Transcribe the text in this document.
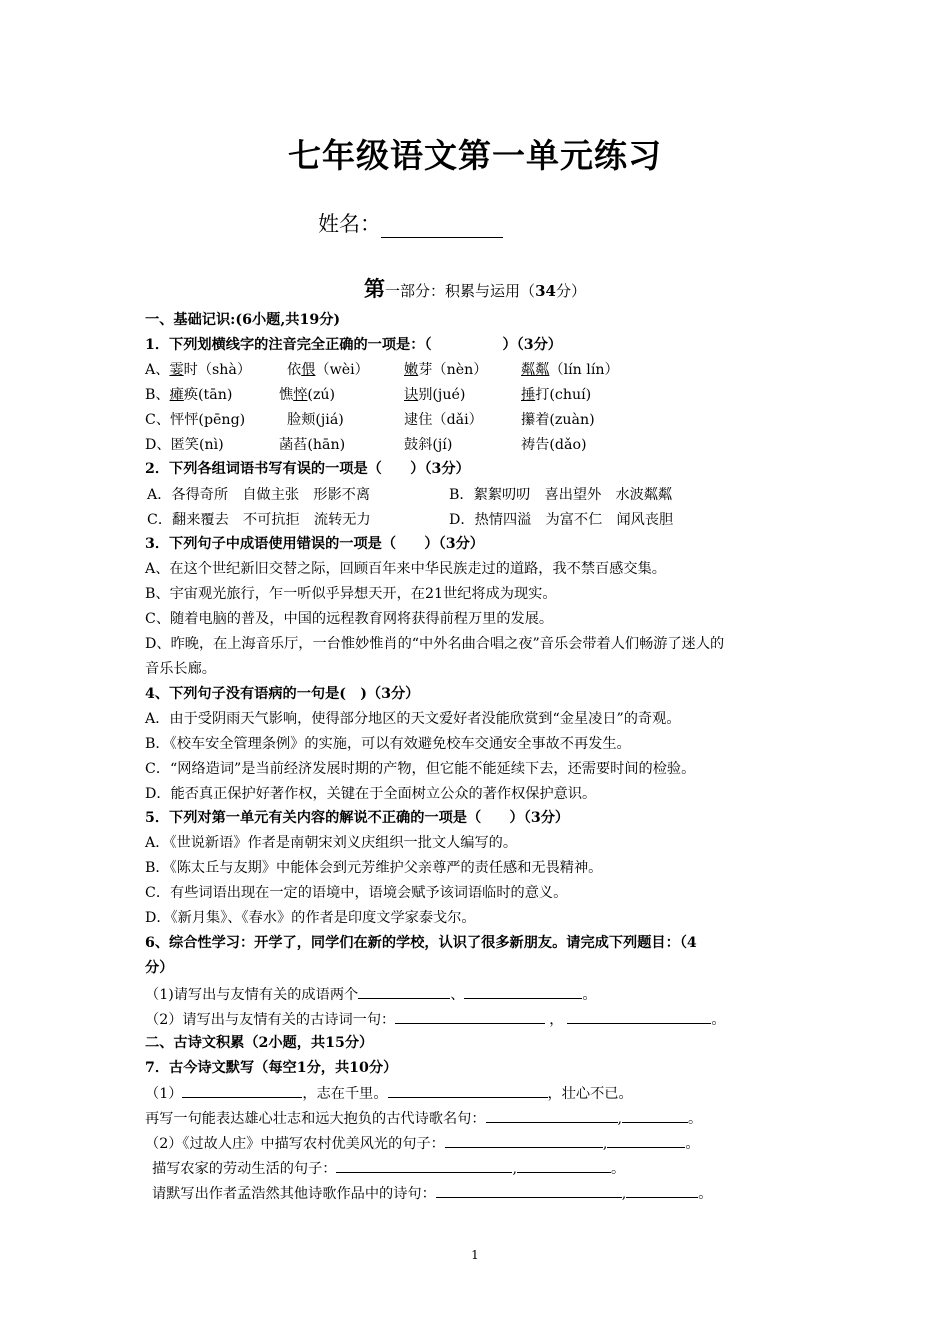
七年级语文第一单元练习
姓名：
第一部分：积累与运用（34分）
一、基础记识:(6小题,共19分)
1．下列划横线字的注音完全正确的一项是：（　　　　　）（3分）
A、霎时（shà）	依偎（wèi） 嫩芽（nèn） 粼粼（lín lín）
B、瘫痪(tān)	憔悴(zú)	诀别(jué)	捶打(chuí)
C、怦怦(pēng)	脸颊(jiá)	逮住（dǎi）	攥着(zuàn)
D、匿笑(nì)	菡萏(hān)	鼓斜(jí)	祷告(dǎo)
2．下列各组词语书写有误的一项是（　　）（3分）
A．各得奇所　自做主张　形影不离	B．絮絮叨叨　喜出望外　水波粼粼
C．翻来覆去　不可抗拒　流转无力	D．热情四溢　为富不仁　闻风丧胆
3．下列句子中成语使用错误的一项是（　　）（3分）
A、在这个世纪新旧交替之际，回顾百年来中华民族走过的道路，我不禁百感交集。
B、宇宙观光旅行，乍一听似乎异想天开，在21世纪将成为现实。
C、随着电脑的普及，中国的远程教育网将获得前程万里的发展。
D、昨晚，在上海音乐厅，一台惟妙惟肖的“中外名曲合唱之夜”音乐会带着人们畅游了迷人的
音乐长廊。
4、下列句子没有语病的一句是(　)（3分）
A．由于受阴雨天气影响，使得部分地区的天文爱好者没能欣赏到“金星凌日”的奇观。
B．《校车安全管理条例》的实施，可以有效避免校车交通安全事故不再发生。
C．“网络造词”是当前经济发展时期的产物，但它能不能延续下去，还需要时间的检验。
D．能否真正保护好著作权，关键在于全面树立公众的著作权保护意识。
5．下列对第一单元有关内容的解说不正确的一项是（　　）（3分）
A．《世说新语》作者是南朝宋刘义庆组织一批文人编写的。
B．《陈太丘与友期》中能体会到元芳维护父亲尊严的责任感和无畏精神。
C．有些词语出现在一定的语境中，语境会赋予该词语临时的意义。
D．《新月集》、《春水》的作者是印度文学家泰戈尔。
6、综合性学习：开学了，同学们在新的学校，认识了很多新朋友。请完成下列题目：（4
分）
（1)请写出与友情有关的成语两个	、	。
（2）请写出与友情有关的古诗词一句：	，	。
二、古诗文积累（2小题，共15分）
7．古今诗文默写（每空1分，共10分）
（1）	，志在千里。	，壮心不已。
再写一句能表达雄心壮志和远大抱负的古代诗歌名句：	,	。
（2）《过故人庄》中描写农村优美风光的句子：	,	。
描写农家的劳动生活的句子：	,	。
请默写出作者孟浩然其他诗歌作品中的诗句：	,	。
1
